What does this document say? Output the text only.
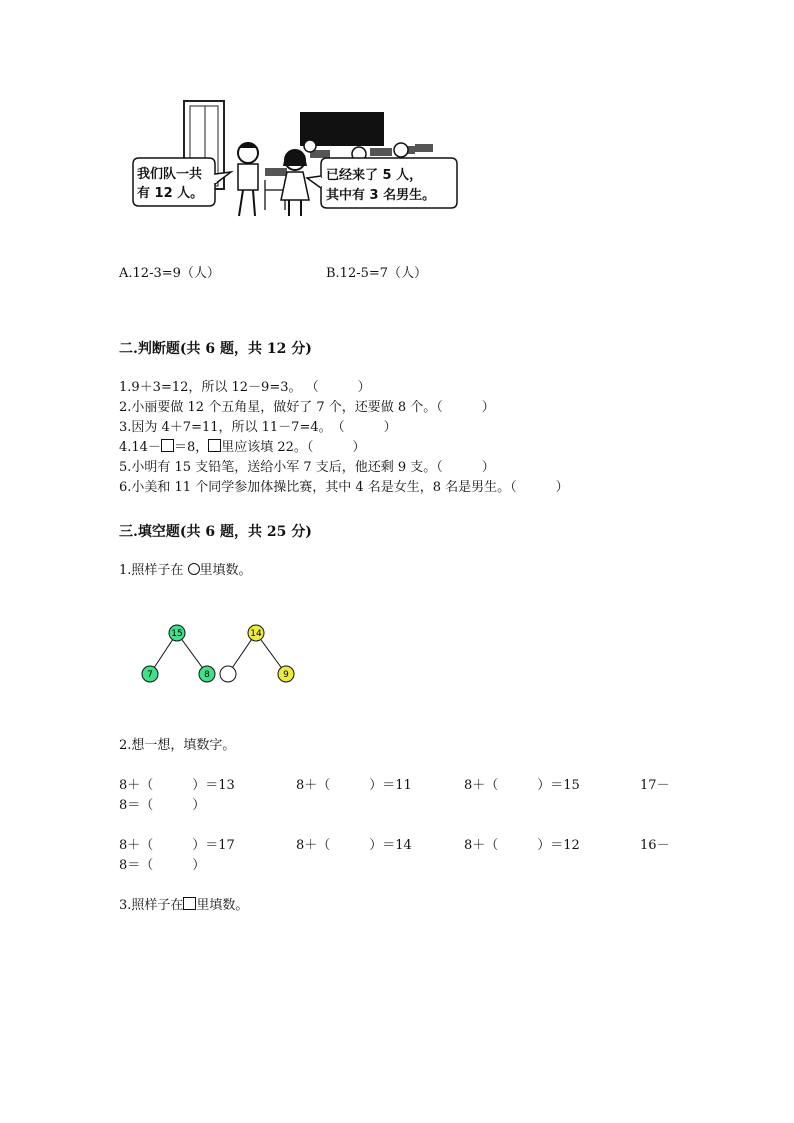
我们队一共
有 12 人。
已经来了 5 人，
其中有 3 名男生。
A.12-3=9（人）	B.12-5=7（人）
二.判断题(共 6 题，共 12 分)
1.9＋3=12，所以 12－9=3。 （　　　）
2.小丽要做 12 个五角星，做好了 7 个，还要做 8 个。（　　　）
3.因为 4＋7=11，所以 11－7=4。　（　　　）
4.14－ ＝8， 里应该填 22。（　　　）
5.小明有 15 支铅笔，送给小军 7 支后，他还剩 9 支。（　　　）
6.小美和 11 个同学参加体操比赛，其中 4 名是女生，8 名是男生。（　　　）
三.填空题(共 6 题，共 25 分)
1.照样子在 里填数。
15
7	8
14
9
2.想一想，填数字。
8＋（　　　）＝13	8＋（　　　）＝11	8＋（　　　）＝15	17－
8＝（　　　）
8＋（　　　）＝17	8＋（　　　）＝14	8＋（　　　）＝12	16－
8＝（　　　）
3.照样子在 里填数。
